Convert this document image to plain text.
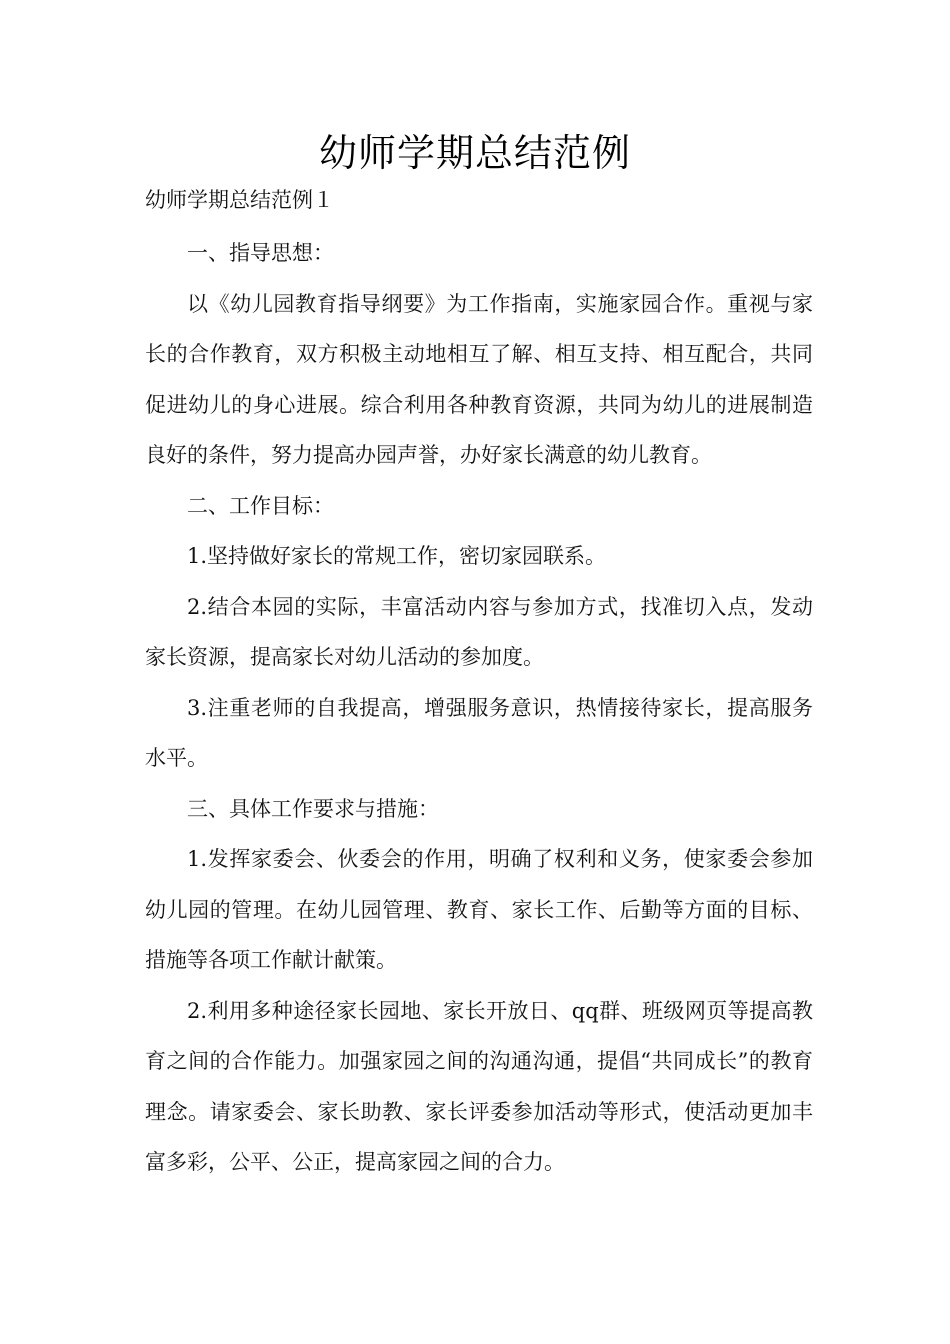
幼师学期总结范例
幼师学期总结范例１

一、指导思想：

以《幼儿园教育指导纲要》为工作指南，实施家园合作。重视与家长的合作教育，双方积极主动地相互了解、相互支持、相互配合，共同促进幼儿的身心进展。综合利用各种教育资源，共同为幼儿的进展制造良好的条件，努力提高办园声誉，办好家长满意的幼儿教育。

二、工作目标：

1.坚持做好家长的常规工作，密切家园联系。

2.结合本园的实际，丰富活动内容与参加方式，找准切入点，发动家长资源，提高家长对幼儿活动的参加度。

3.注重老师的自我提高，增强服务意识，热情接待家长，提高服务水平。

三、具体工作要求与措施：

1.发挥家委会、伙委会的作用，明确了权利和义务，使家委会参加幼儿园的管理。在幼儿园管理、教育、家长工作、后勤等方面的目标、措施等各项工作献计献策。

2.利用多种途径家长园地、家长开放日、qq群、班级网页等提高教育之间的合作能力。加强家园之间的沟通沟通，提倡“共同成长”的教育理念。请家委会、家长助教、家长评委参加活动等形式，使活动更加丰富多彩，公平、公正，提高家园之间的合力。
